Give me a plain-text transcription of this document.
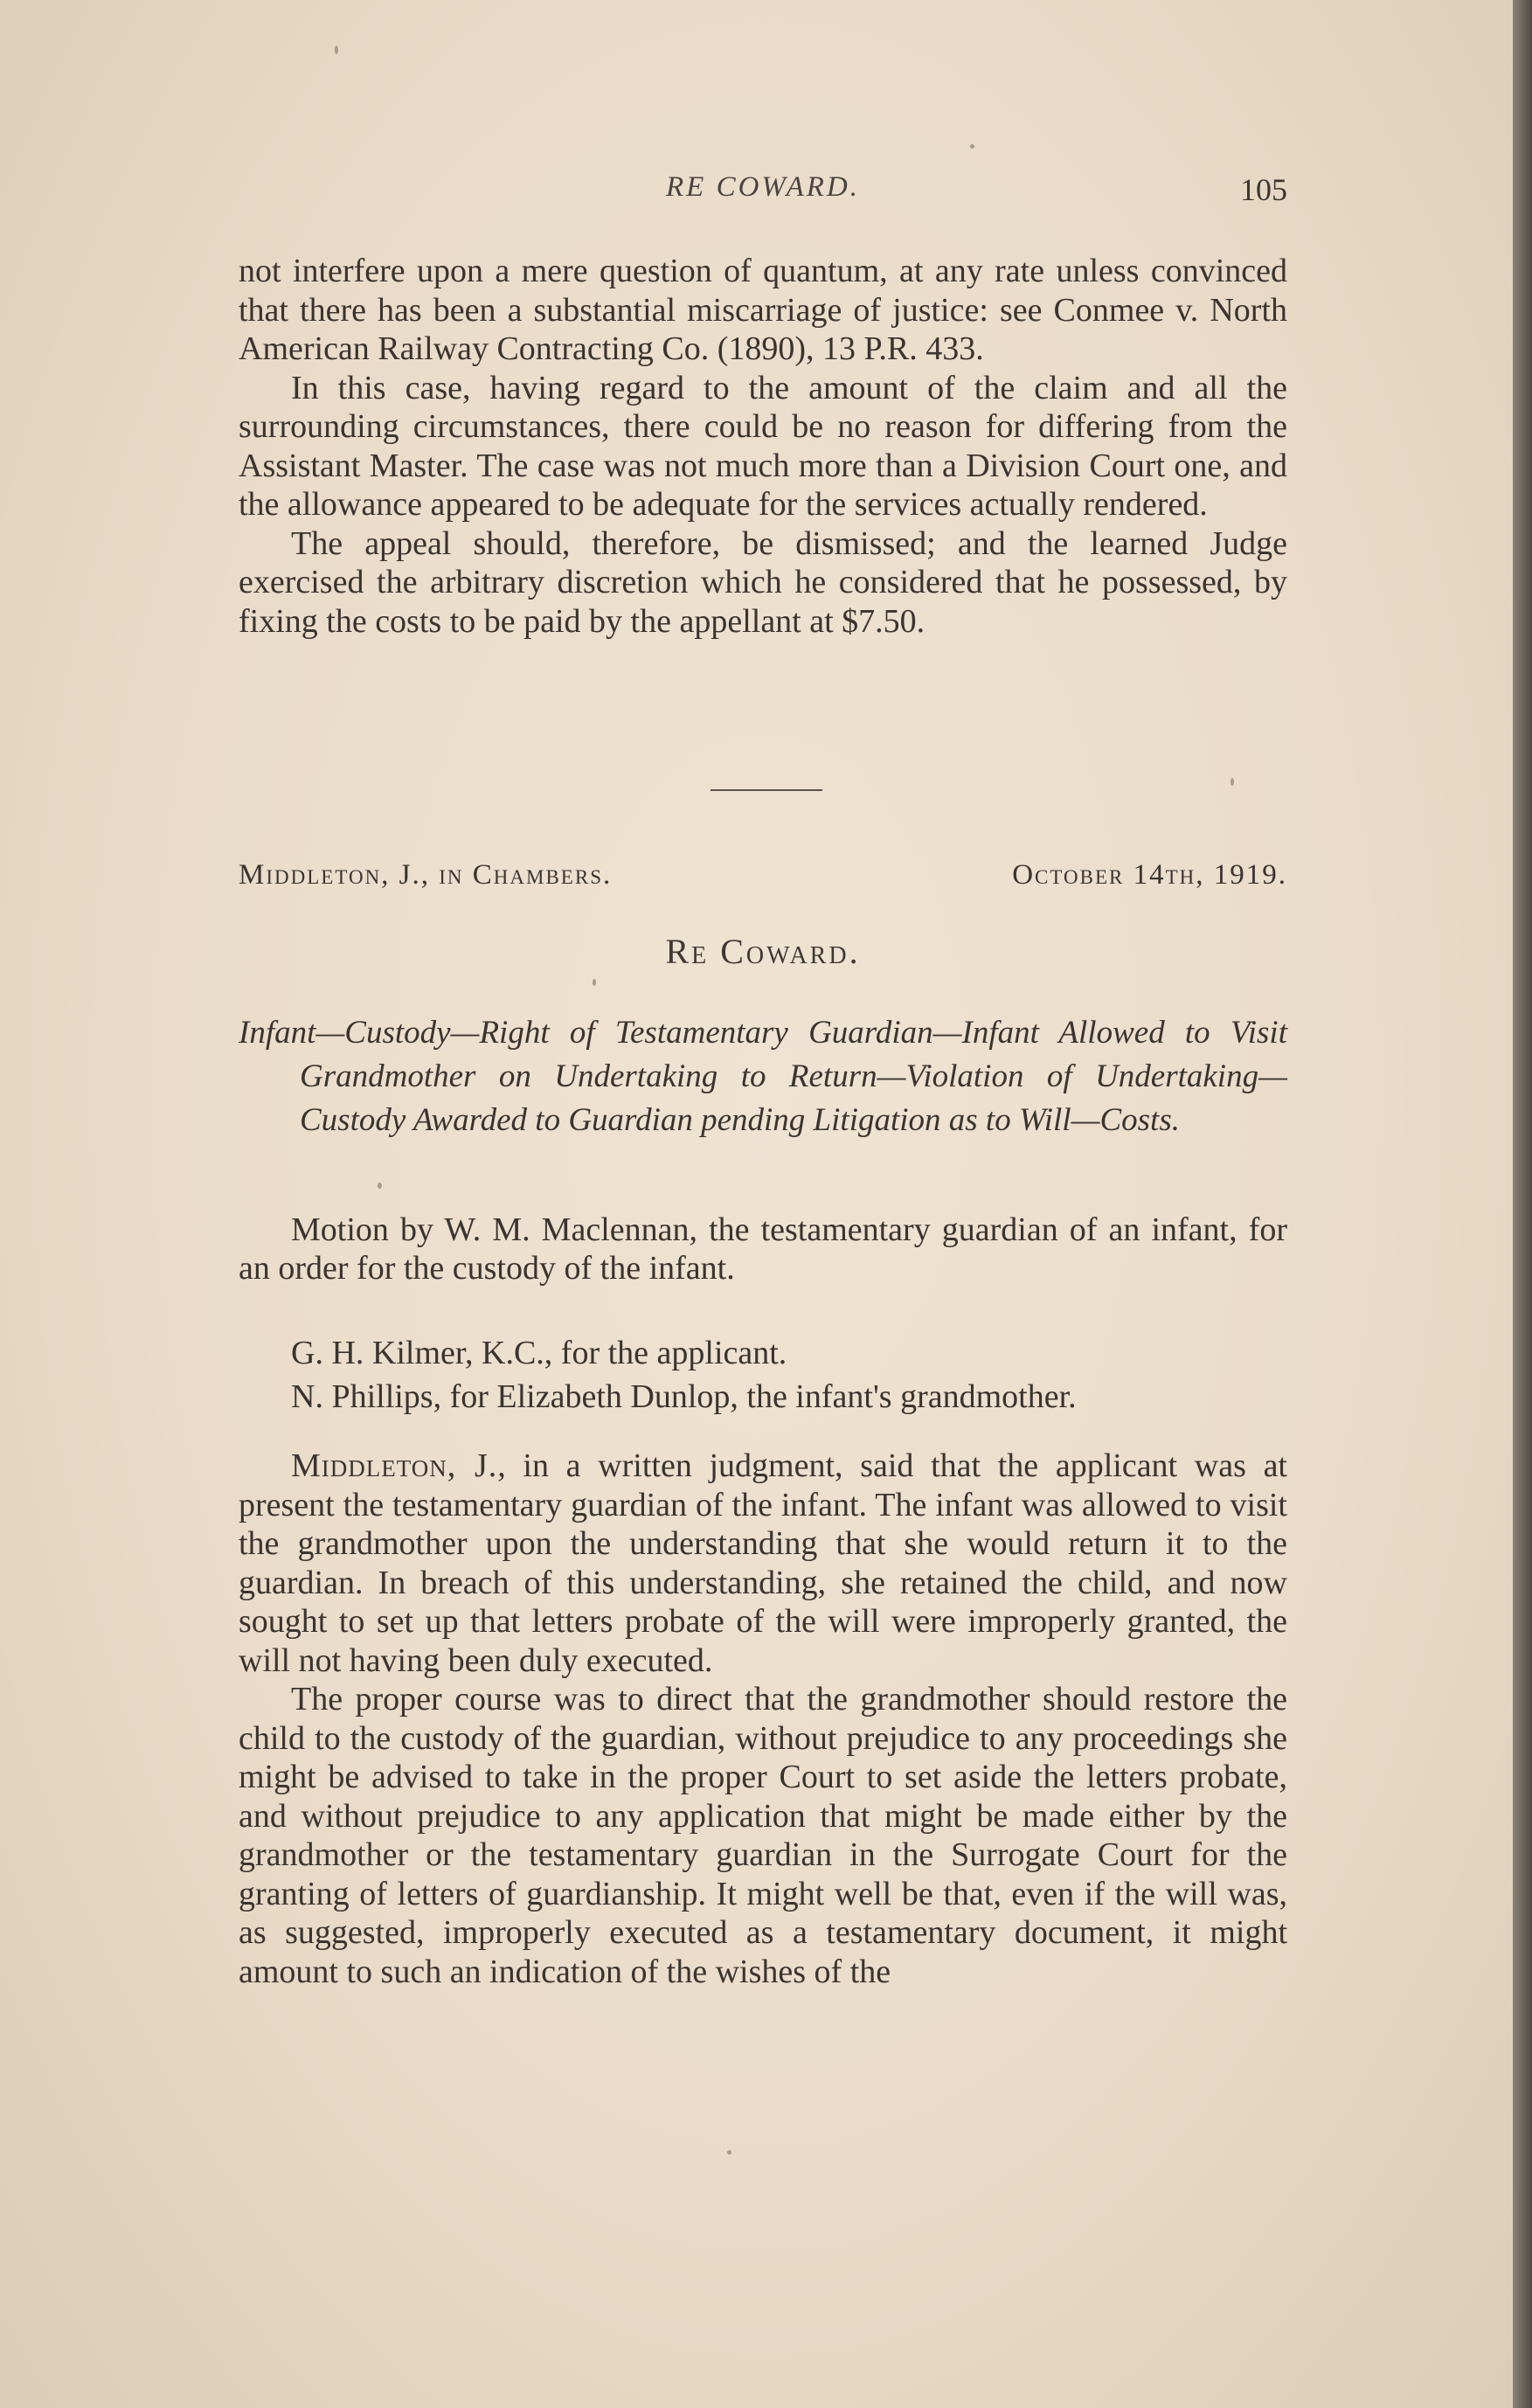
RE COWARD.	105

not interfere upon a mere question of quantum, at any rate unless convinced that there has been a substantial miscarriage of justice: see Conmee v. North American Railway Contracting Co. (1890), 13 P.R. 433.

In this case, having regard to the amount of the claim and all the surrounding circumstances, there could be no reason for differing from the Assistant Master. The case was not much more than a Division Court one, and the allowance appeared to be adequate for the services actually rendered.

The appeal should, therefore, be dismissed; and the learned Judge exercised the arbitrary discretion which he considered that he possessed, by fixing the costs to be paid by the appellant at $7.50.

Middleton, J., in Chambers.	October 14th, 1919.
Re Coward.
Infant—Custody—Right of Testamentary Guardian—Infant Allowed to Visit Grandmother on Undertaking to Return—Violation of Undertaking—Custody Awarded to Guardian pending Litigation as to Will—Costs.

Motion by W. M. Maclennan, the testamentary guardian of an infant, for an order for the custody of the infant.

G. H. Kilmer, K.C., for the applicant.

N. Phillips, for Elizabeth Dunlop, the infant's grandmother.

Middleton, J., in a written judgment, said that the applicant was at present the testamentary guardian of the infant. The infant was allowed to visit the grandmother upon the understanding that she would return it to the guardian. In breach of this understanding, she retained the child, and now sought to set up that letters probate of the will were improperly granted, the will not having been duly executed.

The proper course was to direct that the grandmother should restore the child to the custody of the guardian, without prejudice to any proceedings she might be advised to take in the proper Court to set aside the letters probate, and without prejudice to any application that might be made either by the grandmother or the testamentary guardian in the Surrogate Court for the granting of letters of guardianship. It might well be that, even if the will was, as suggested, improperly executed as a testamentary document, it might amount to such an indication of the wishes of the
